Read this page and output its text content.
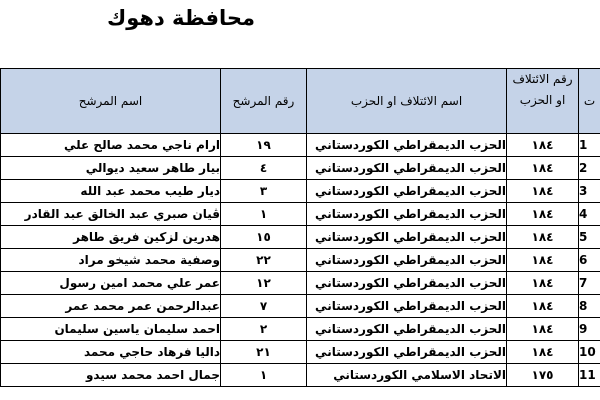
محافظة دهوك
اسم المرشح	رقم المرشح	اسم الائتلاف او الحزب	رقم الائتلاف او الحزب	ت
ارام ناجي محمد صالح علي	١٩	الحزب الديمقراطي الكوردستاني	١٨٤	1
بيار طاهر سعيد ديوالي	٤	الحزب الديمقراطي الكوردستاني	١٨٤	2
ديار طيب محمد عبد الله	٣	الحزب الديمقراطي الكوردستاني	١٨٤	3
ڤيان صبري عبد الخالق عبد القادر	١	الحزب الديمقراطي الكوردستاني	١٨٤	4
هدرين لزكين فريق طاهر	١٥	الحزب الديمقراطي الكوردستاني	١٨٤	5
وصفية محمد شيخو مراد	٢٢	الحزب الديمقراطي الكوردستاني	١٨٤	6
عمر علي محمد امين رسول	١٢	الحزب الديمقراطي الكوردستاني	١٨٤	7
عبدالرحمن عمر محمد عمر	٧	الحزب الديمقراطي الكوردستاني	١٨٤	8
احمد سليمان ياسين سليمان	٢	الحزب الديمقراطي الكوردستاني	١٨٤	9
داليا فرهاد حاجي محمد	٢١	الحزب الديمقراطي الكوردستاني	١٨٤	10
جمال احمد محمد سيدو	١	الاتحاد الاسلامي الكوردستاني	١٧٥	11
